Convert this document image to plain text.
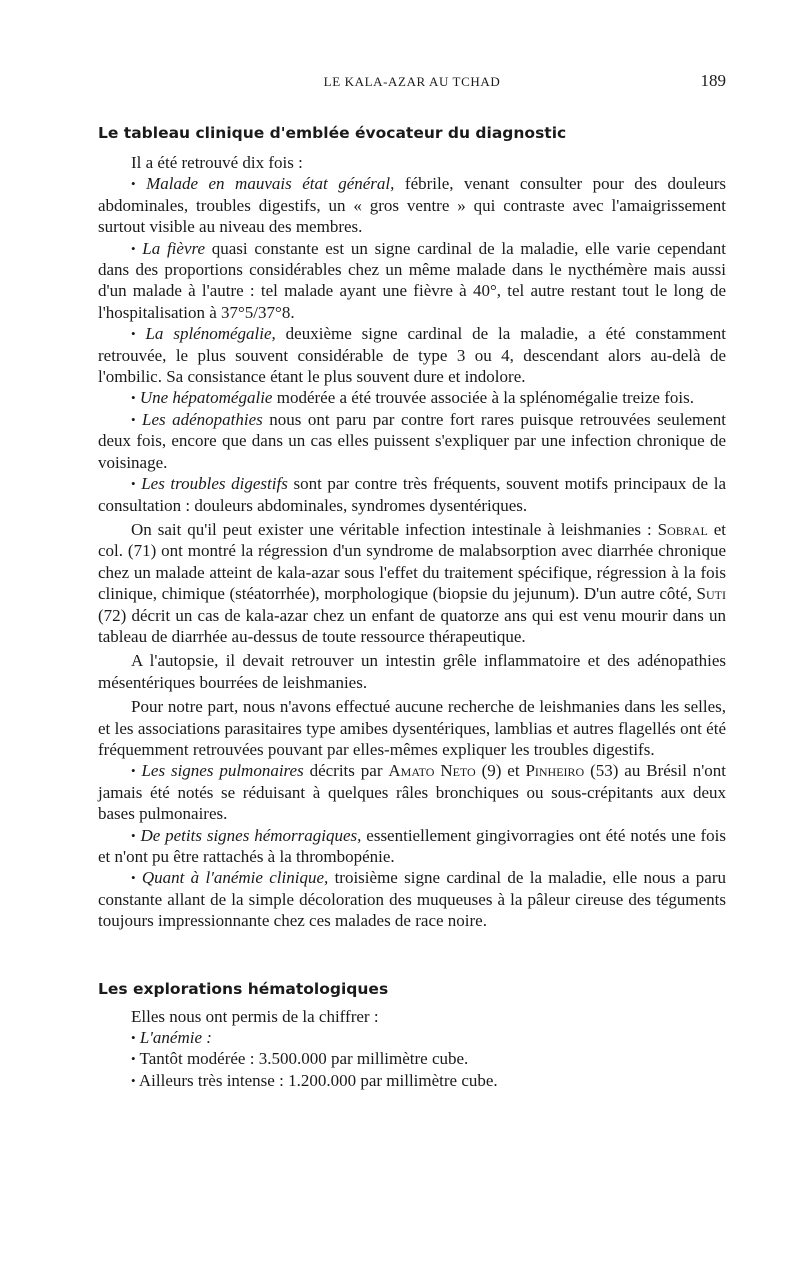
LE KALA-AZAR AU TCHAD	189
Le tableau clinique d'emblée évocateur du diagnostic

Il a été retrouvé dix fois :

• Malade en mauvais état général, fébrile, venant consulter pour des douleurs abdominales, troubles digestifs, un « gros ventre » qui contraste avec l'amaigrissement surtout visible au niveau des membres.

• La fièvre quasi constante est un signe cardinal de la maladie, elle varie cependant dans des proportions considérables chez un même malade dans le nycthémère mais aussi d'un malade à l'autre : tel malade ayant une fièvre à 40°, tel autre restant tout le long de l'hospitalisation à 37°5/37°8.

• La splénomégalie, deuxième signe cardinal de la maladie, a été constamment retrouvée, le plus souvent considérable de type 3 ou 4, descendant alors au-delà de l'ombilic. Sa consistance étant le plus souvent dure et indolore.

• Une hépatomégalie modérée a été trouvée associée à la splénomégalie treize fois.

• Les adénopathies nous ont paru par contre fort rares puisque retrouvées seulement deux fois, encore que dans un cas elles puissent s'expliquer par une infection chronique de voisinage.

• Les troubles digestifs sont par contre très fréquents, souvent motifs principaux de la consultation : douleurs abdominales, syndromes dysentériques.

On sait qu'il peut exister une véritable infection intestinale à leishmanies : Sobral et col. (71) ont montré la régression d'un syndrome de malabsorption avec diarrhée chronique chez un malade atteint de kala-azar sous l'effet du traitement spécifique, régression à la fois clinique, chimique (stéatorrhée), morphologique (biopsie du jejunum). D'un autre côté, Suti (72) décrit un cas de kala-azar chez un enfant de quatorze ans qui est venu mourir dans un tableau de diarrhée au-dessus de toute ressource thérapeutique.

A l'autopsie, il devait retrouver un intestin grêle inflammatoire et des adénopathies mésentériques bourrées de leishmanies.

Pour notre part, nous n'avons effectué aucune recherche de leishmanies dans les selles, et les associations parasitaires type amibes dysentériques, lamblias et autres flagellés ont été fréquemment retrouvées pouvant par elles-mêmes expliquer les troubles digestifs.

• Les signes pulmonaires décrits par Amato Neto (9) et Pinheiro (53) au Brésil n'ont jamais été notés se réduisant à quelques râles bronchiques ou sous-crépitants aux deux bases pulmonaires.

• De petits signes hémorragiques, essentiellement gingivorragies ont été notés une fois et n'ont pu être rattachés à la thrombopénie.

• Quant à l'anémie clinique, troisième signe cardinal de la maladie, elle nous a paru constante allant de la simple décoloration des muqueuses à la pâleur cireuse des téguments toujours impressionnante chez ces malades de race noire.

Les explorations hématologiques

Elles nous ont permis de la chiffrer :

• L'anémie :

• Tantôt modérée : 3.500.000 par millimètre cube.

• Ailleurs très intense : 1.200.000 par millimètre cube.
